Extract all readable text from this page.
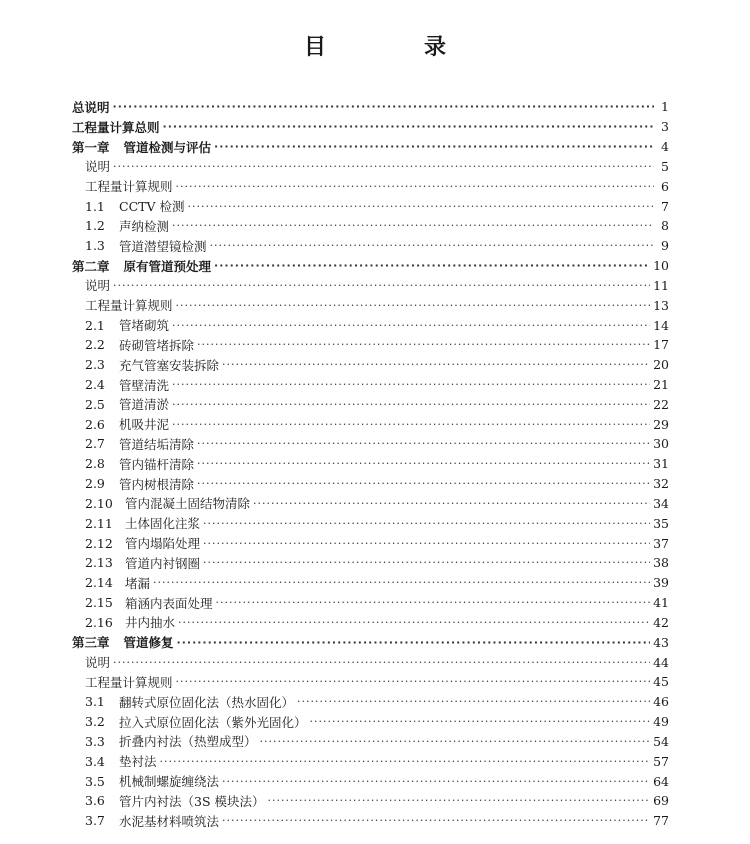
目　录
总说明 ·····	1
工程量计算总则 ·····	3
第一章 管道检测与评估 ·····	4
说明 ·····	5
工程量计算规则 ·····	6
1.1	CCTV 检测 ·····	7
1.2	声纳检测 ·····	8
1.3	管道潜望镜检测 ·····	9
第二章 原有管道预处理 ·····	10
说明 ·····	11
工程量计算规则 ·····	13
2.1	管堵砌筑 ·····	14
2.2	砖砌管堵拆除 ·····	17
2.3	充气管塞安装拆除 ·····	20
2.4	管壁清洗 ·····	21
2.5	管道清淤 ·····	22
2.6	机吸井泥 ·····	29
2.7	管道结垢清除 ·····	30
2.8	管内锚杆清除 ·····	31
2.9	管内树根清除 ·····	32
2.10 管内混凝土固结物清除 ·····	34
2.11 土体固化注浆 ·····	35
2.12 管内塌陷处理 ·····	37
2.13 管道内衬钢圈 ·····	38
2.14 堵漏 ·····	39
2.15 箱涵内表面处理 ·····	41
2.16 井内抽水 ·····	42
第三章 管道修复 ·····	43
说明 ·····	44
工程量计算规则 ·····	45
3.1	翻转式原位固化法（热水固化） ·····	46
3.2	拉入式原位固化法（紫外光固化） ·····	49
3.3	折叠内衬法（热塑成型） ·····	54
3.4	垫衬法 ·····	57
3.5	机械制螺旋缠绕法 ·····	64
3.6	管片内衬法（3S 模块法） ·····	69
3.7	水泥基材料喷筑法 ·····	77
